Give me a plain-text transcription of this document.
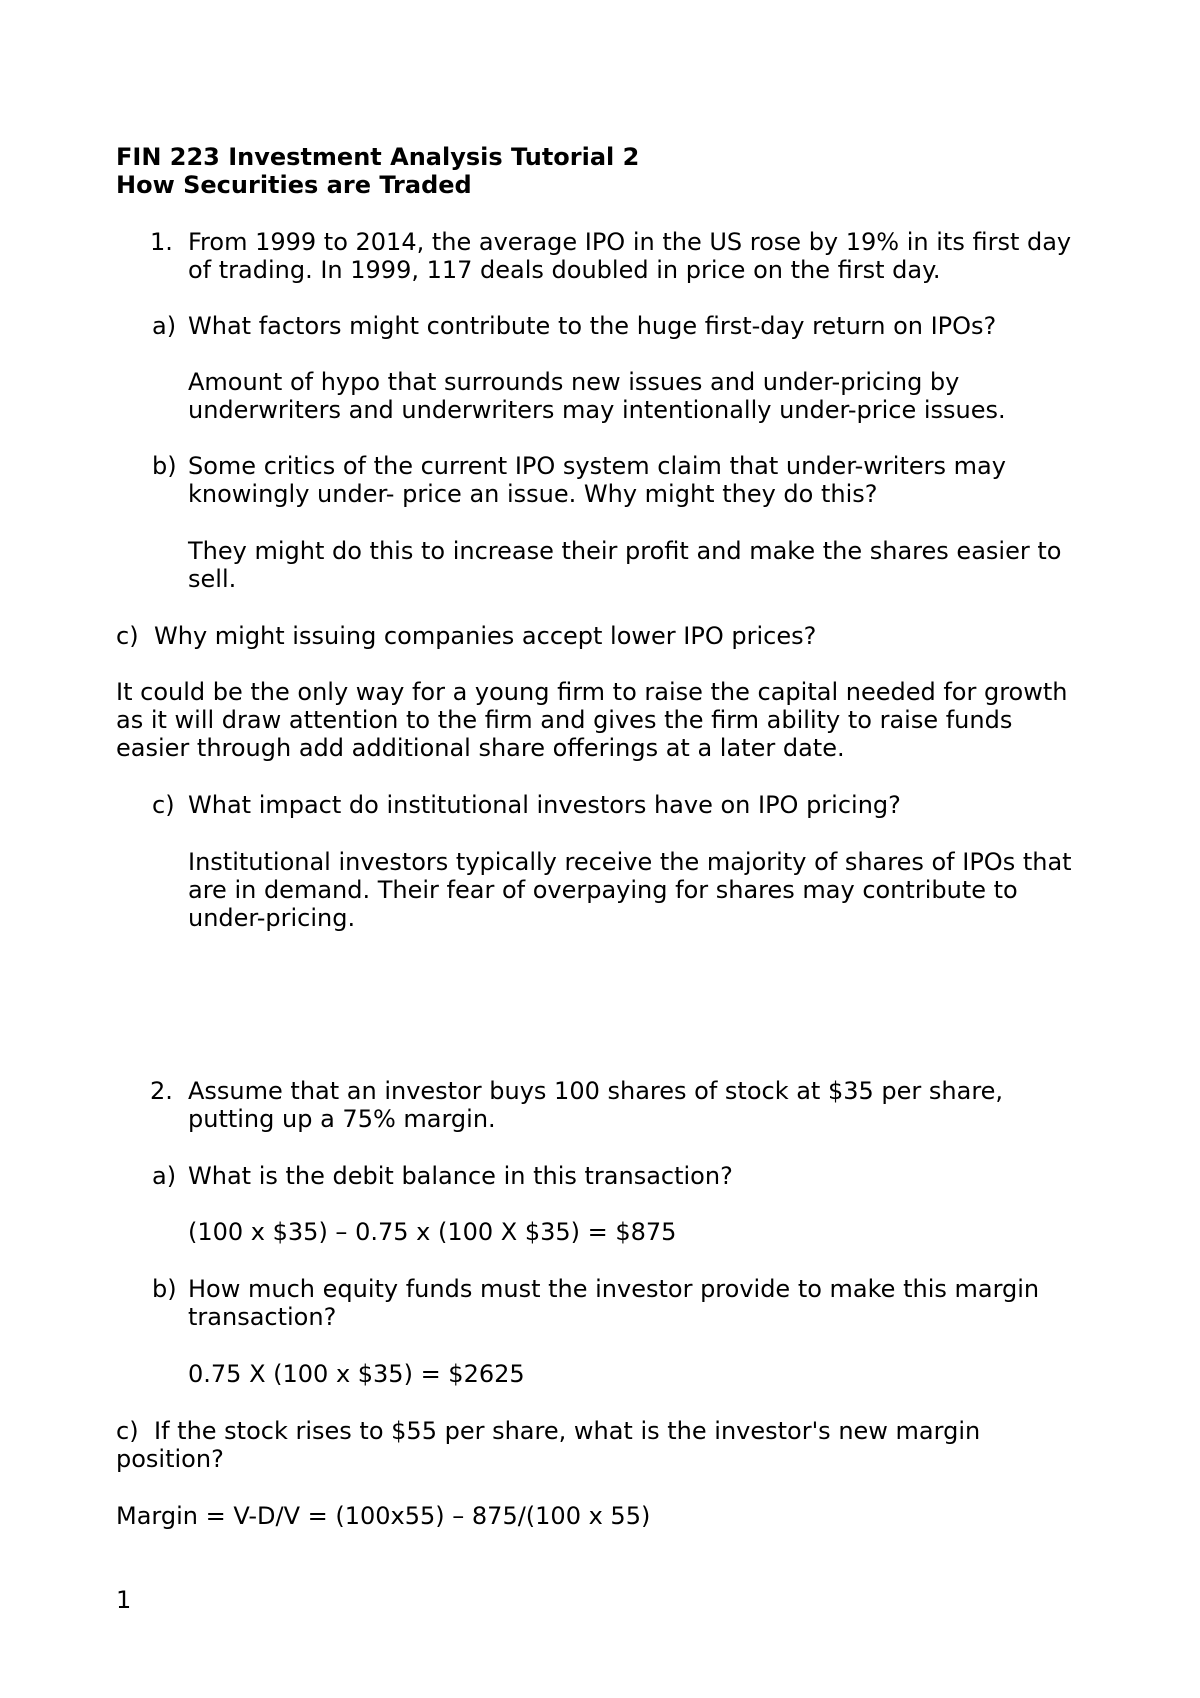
FIN 223 Investment Analysis Tutorial 2
How Securities are Traded
1. From 1999 to 2014, the average IPO in the US rose by 19% in its first day
of trading. In 1999, 117 deals doubled in price on the first day.
a) What factors might contribute to the huge first-day return on IPOs?
Amount of hypo that surrounds new issues and under-pricing by
underwriters and underwriters may intentionally under-price issues.
b) Some critics of the current IPO system claim that under-writers may
knowingly under- price an issue. Why might they do this?
They might do this to increase their profit and make the shares easier to
sell.
c) Why might issuing companies accept lower IPO prices?
It could be the only way for a young firm to raise the capital needed for growth
as it will draw attention to the firm and gives the firm ability to raise funds
easier through add additional share offerings at a later date.
c) What impact do institutional investors have on IPO pricing?
Institutional investors typically receive the majority of shares of IPOs that
are in demand. Their fear of overpaying for shares may contribute to
under-pricing.
2. Assume that an investor buys 100 shares of stock at $35 per share,
putting up a 75% margin.
a) What is the debit balance in this transaction?
(100 x $35) – 0.75 x (100 X $35) = $875
b) How much equity funds must the investor provide to make this margin
transaction?
0.75 X (100 x $35) = $2625
c) If the stock rises to $55 per share, what is the investor's new margin
position?
Margin = V-D/V = (100x55) – 875/(100 x 55)
1
